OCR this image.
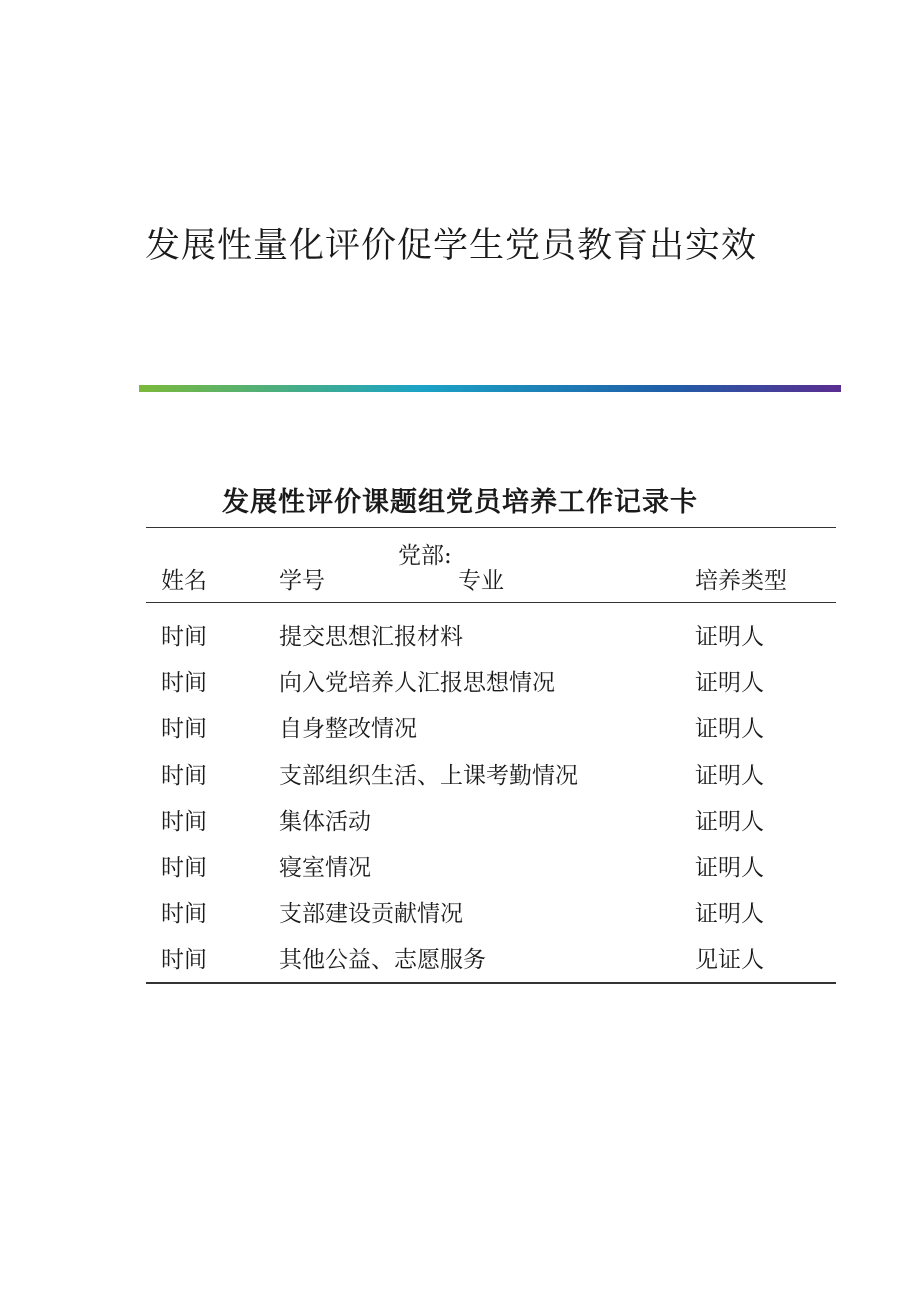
发展性量化评价促学生党员教育出实效
发展性评价课题组党员培养工作记录卡
党部:
姓名	学号	专业	培养类型
时间	提交思想汇报材料	证明人
时间	向入党培养人汇报思想情况	证明人
时间	自身整改情况	证明人
时间	支部组织生活、上课考勤情况	证明人
时间	集体活动	证明人
时间	寝室情况	证明人
时间	支部建设贡献情况	证明人
时间	其他公益、志愿服务	见证人
